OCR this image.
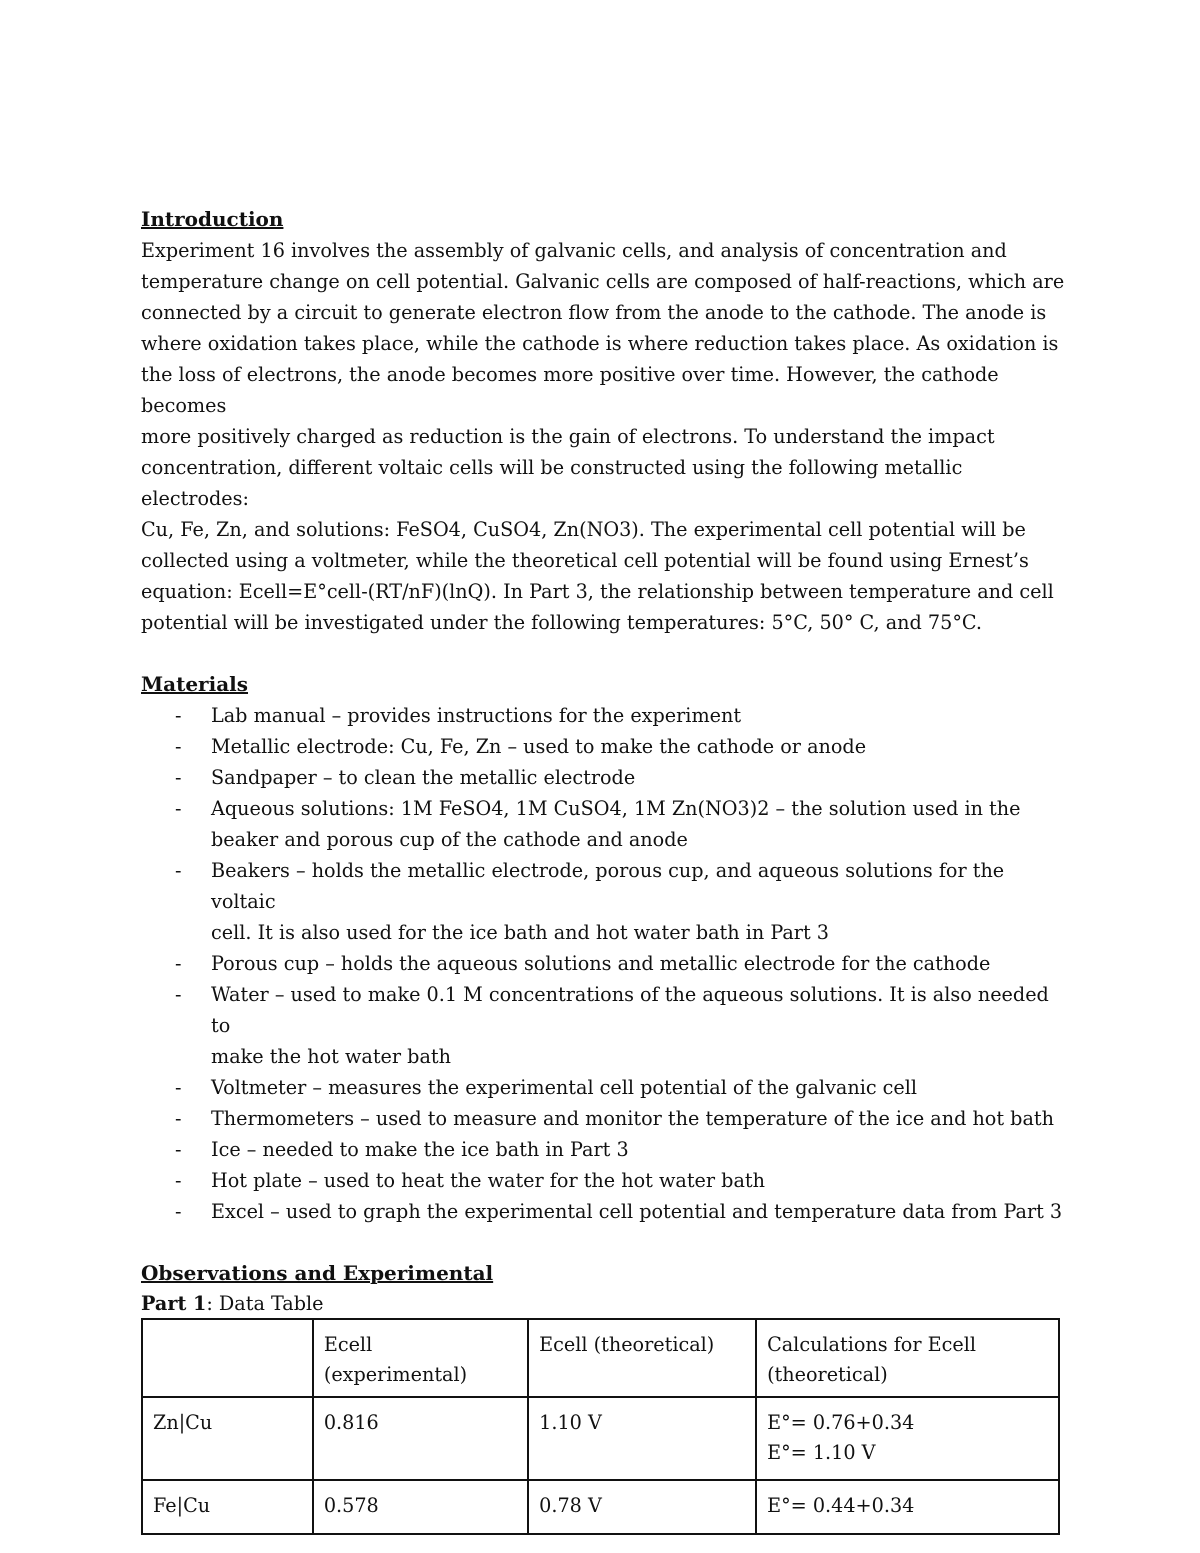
Introduction
Experiment 16 involves the assembly of galvanic cells, and analysis of concentration and
temperature change on cell potential. Galvanic cells are composed of half-reactions, which are
connected by a circuit to generate electron flow from the anode to the cathode. The anode is
where oxidation takes place, while the cathode is where reduction takes place. As oxidation is
the loss of electrons, the anode becomes more positive over time. However, the cathode becomes
more positively charged as reduction is the gain of electrons. To understand the impact
concentration, different voltaic cells will be constructed using the following metallic electrodes:
Cu, Fe, Zn, and solutions: FeSO4, CuSO4, Zn(NO3). The experimental cell potential will be
collected using a voltmeter, while the theoretical cell potential will be found using Ernest’s
equation: Ecell=E°cell-(RT/nF)(lnQ). In Part 3, the relationship between temperature and cell
potential will be investigated under the following temperatures: 5°C, 50° C, and 75°C.
Materials
- Lab manual – provides instructions for the experiment
- Metallic electrode: Cu, Fe, Zn – used to make the cathode or anode
- Sandpaper – to clean the metallic electrode
- Aqueous solutions: 1M FeSO4, 1M CuSO4, 1M Zn(NO3)2 – the solution used in the
beaker and porous cup of the cathode and anode
- Beakers – holds the metallic electrode, porous cup, and aqueous solutions for the voltaic
cell. It is also used for the ice bath and hot water bath in Part 3
- Porous cup – holds the aqueous solutions and metallic electrode for the cathode
- Water – used to make 0.1 M concentrations of the aqueous solutions. It is also needed to
make the hot water bath
- Voltmeter – measures the experimental cell potential of the galvanic cell
- Thermometers – used to measure and monitor the temperature of the ice and hot bath
- Ice – needed to make the ice bath in Part 3
- Hot plate – used to heat the water for the hot water bath
- Excel – used to graph the experimental cell potential and temperature data from Part 3
Observations and Experimental
Part 1: Data Table
	Ecell (experimental)	Ecell (theoretical)	Calculations for Ecell
(theoretical)

Zn|Cu	0.816	1.10 V	E°= 0.76+0.34
E°= 1.10 V

Fe|Cu	0.578	0.78 V	E°= 0.44+0.34
